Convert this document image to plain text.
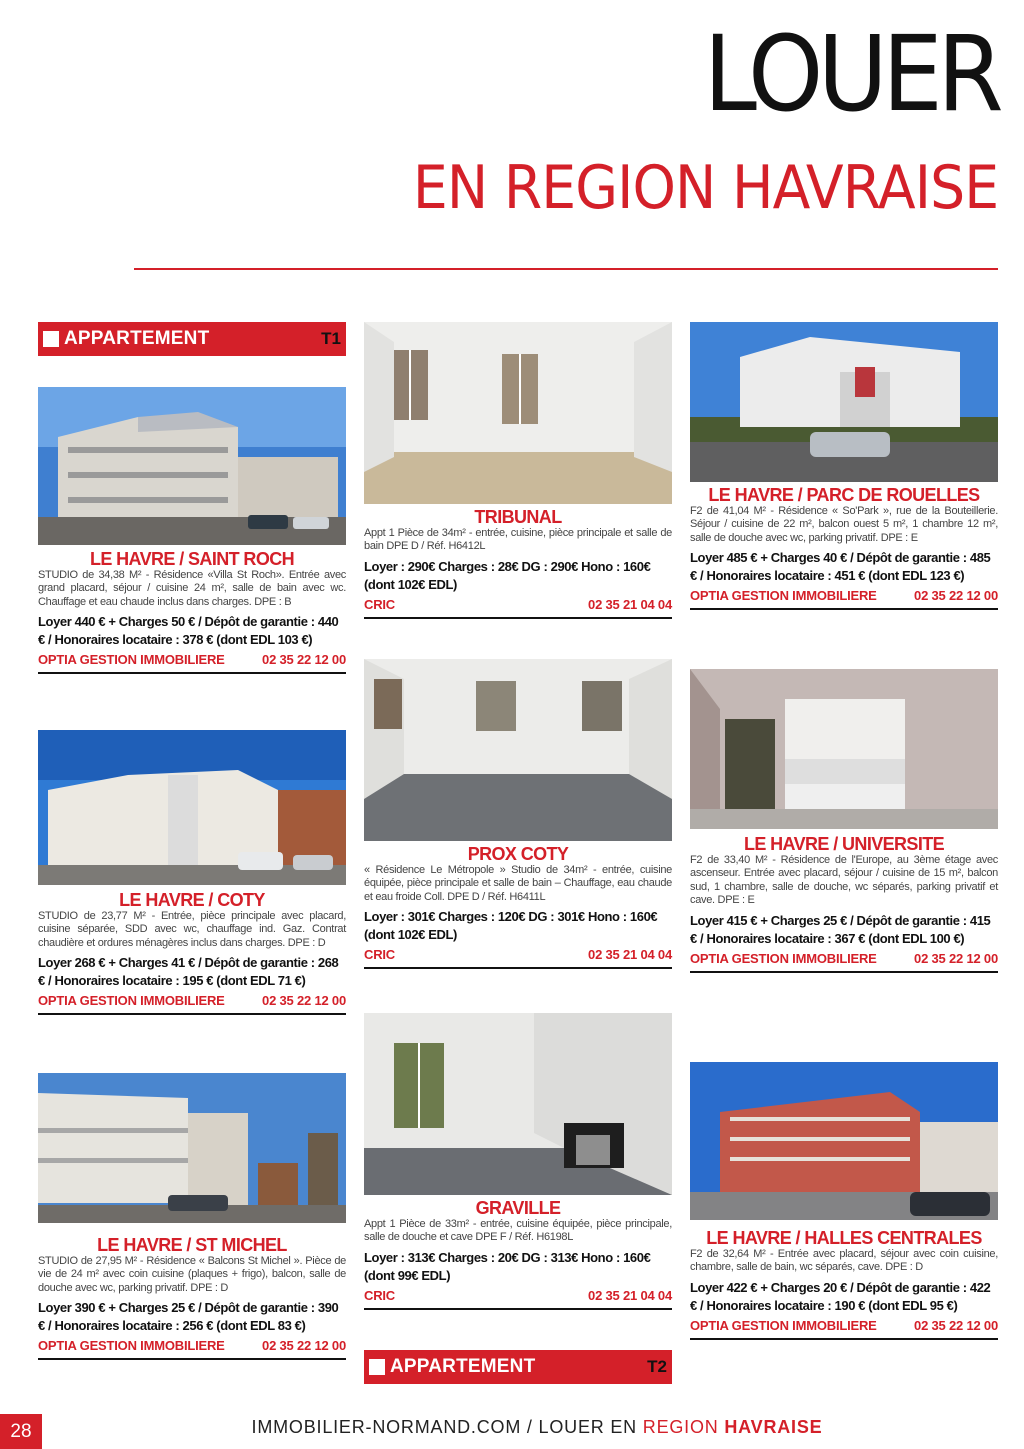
LOUER
EN REGION HAVRAISE
APPARTEMENT	T1
LE HAVRE / SAINT ROCH
STUDIO de 34,38 M² - Résidence «Villa St Roch». Entrée avec grand placard, séjour / cuisine 24 m², salle de bain avec wc. Chauffage et eau chaude inclus dans charges. DPE : B
Loyer 440 € + Charges 50 € / Dépôt de garantie : 440 € / Honoraires locataire : 378 € (dont EDL 103 €)
OPTIA GESTION IMMOBILIERE	02 35 22 12 00
LE HAVRE / COTY
STUDIO de 23,77 M² - Entrée, pièce principale avec placard, cuisine séparée, SDD avec wc, chauffage ind. Gaz. Contrat chaudière et ordures ménagères inclus dans charges. DPE : D
Loyer 268 € + Charges 41 € / Dépôt de garantie : 268 € / Honoraires locataire : 195 € (dont EDL 71 €)
OPTIA GESTION IMMOBILIERE	02 35 22 12 00
LE HAVRE / ST MICHEL
STUDIO de 27,95 M² - Résidence « Balcons St Michel ». Pièce de vie de 24 m² avec coin cuisine (plaques + frigo), balcon, salle de douche avec wc, parking privatif. DPE : D
Loyer 390 € + Charges 25 € / Dépôt de garantie : 390 € / Honoraires locataire : 256 € (dont EDL 83 €)
OPTIA GESTION IMMOBILIERE	02 35 22 12 00
TRIBUNAL
Appt 1 Pièce de 34m² - entrée, cuisine, pièce principale et salle de bain DPE D / Réf. H6412L
Loyer : 290€ Charges : 28€ DG : 290€ Hono : 160€ (dont 102€ EDL)
CRIC	02 35 21 04 04
PROX COTY
« Résidence Le Métropole » Studio de 34m² - entrée, cuisine équipée, pièce principale et salle de bain – Chauffage, eau chaude et eau froide Coll. DPE D / Réf. H6411L
Loyer : 301€ Charges : 120€ DG : 301€ Hono : 160€ (dont 102€ EDL)
CRIC	02 35 21 04 04
GRAVILLE
Appt 1 Pièce de 33m² - entrée, cuisine équipée, pièce principale, salle de douche et cave DPE F / Réf. H6198L
Loyer : 313€ Charges : 20€ DG : 313€ Hono : 160€ (dont 99€ EDL)
CRIC	02 35 21 04 04
APPARTEMENT	T2
LE HAVRE / PARC DE ROUELLES
F2 de 41,04 M² - Résidence « So'Park », rue de la Bouteillerie. Séjour / cuisine de 22 m², balcon ouest 5 m², 1 chambre 12 m², salle de douche avec wc, parking privatif. DPE : E
Loyer 485 € + Charges 40 € / Dépôt de garantie : 485 € / Honoraires locataire : 451 € (dont EDL 123 €)
OPTIA GESTION IMMOBILIERE	02 35 22 12 00
LE HAVRE / UNIVERSITE
F2 de 33,40 M² - Résidence de l'Europe, au 3ème étage avec ascenseur. Entrée avec placard, séjour / cuisine de 15 m², balcon sud, 1 chambre, salle de douche, wc séparés, parking privatif et cave. DPE : E
Loyer 415 € + Charges 25 € / Dépôt de garantie : 415 € / Honoraires locataire : 367 € (dont EDL 100 €)
OPTIA GESTION IMMOBILIERE	02 35 22 12 00
LE HAVRE / HALLES CENTRALES
F2 de 32,64 M² - Entrée avec placard, séjour avec coin cuisine, chambre, salle de bain, wc séparés, cave. DPE : D
Loyer 422 € + Charges 20 € / Dépôt de garantie : 422 € / Honoraires locataire : 190 € (dont EDL 95 €)
OPTIA GESTION IMMOBILIERE	02 35 22 12 00
28	IMMOBILIER-NORMAND.COM / LOUER EN REGION HAVRAISE
